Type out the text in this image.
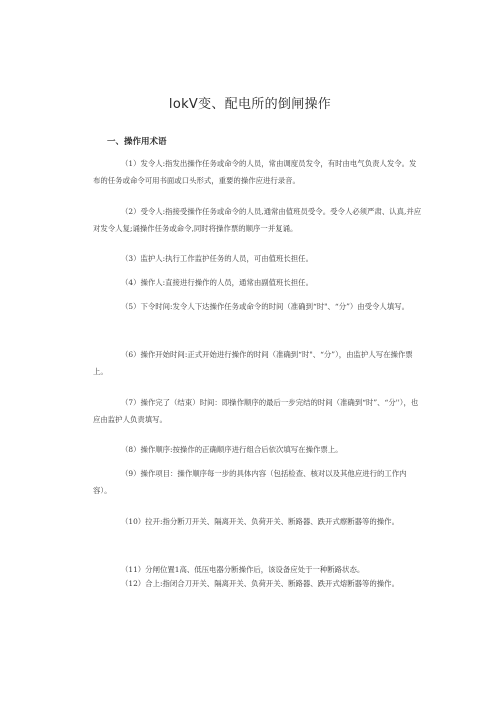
lokV变、配电所的倒闸操作
一、操作用术语

（1）发令人:指发出操作任务或命令的人员，常由调度员发令，有时由电气负责人发令。发布的任务或命令可用书面或口头形式，重要的操作应进行录音。

（2）受令人:指接受操作任务或命令的人员,通常由值班员受令。受令人必须严肃、认真,并应对发令人复;诵操作任务或命令,同时将操作票的顺序一并复诵。

（3）监护人:执行工作监护任务的人员，可由值班长担任。

（4）操作人:直接进行操作的人员，通常由副值班长担任。

（5）下令时间:发令人下达操作任务或命令的时间（准确到“时"、“分”）由受令人填写。

（6）操作开始时间:正式开始进行操作的时间（准确到“时"、“分”），由监护人写在操作票上。

（7）操作完了（结束）时间：即操作顺序的最后一步完结的时间（准确到“时”、“分''），也应由监护人负责填写。

（8）操作顺序:按操作的正确顺序进行组合后依次填写在操作票上。

（9）操作项目：操作顺序每一步的具体内容（包括检查、核对以及其他应进行的工作内容）。

（10）拉开:指分断刀开关、隔离开关、负荷开关、断路器、跌开式瘵断器等的操作。

（11）分闸位置1高、低压电器分断操作后，该设备应处于一种断路状态。

（12）合上:指闭合刀开关、隔离开关、负荷开关、断路器、跌开式熔断器等的操作。
